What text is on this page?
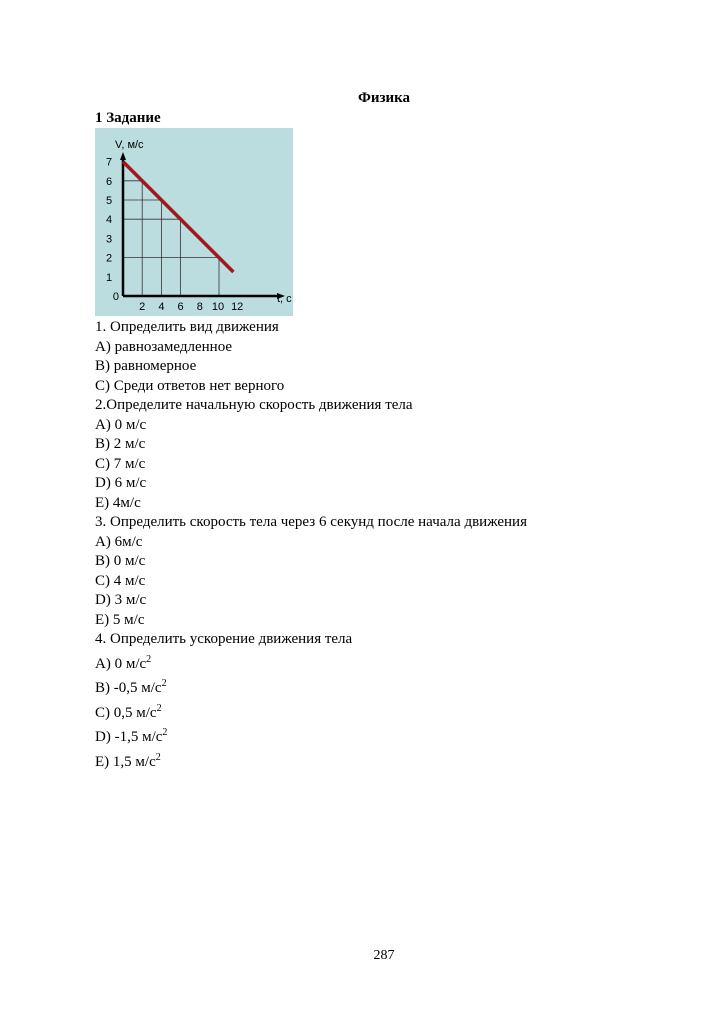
Физика
1 Задание
2 4 6 8 10 12
1
2
3
4
5
6
7
0
V, м/с
t, c
1. Определить вид движения
A) равнозамедленное
B) равномерное
C) Среди ответов нет верного
2.Определите начальную скорость движения тела
A) 0 м/с
B) 2 м/с
C) 7 м/с
D) 6 м/с
E) 4м/с
3. Определить скорость тела через 6 секунд после начала движения
A) 6м/с
B) 0 м/с
C) 4 м/с
D) 3 м/с
E) 5 м/с
4. Определить ускорение движения тела
A) 0 $м/с^2$
B) -0,5 $м/с^2$
C) 0,5 $м/с^2$
D) -1,5 $м/с^2$
E) 1,5 $м/с^2$
287
